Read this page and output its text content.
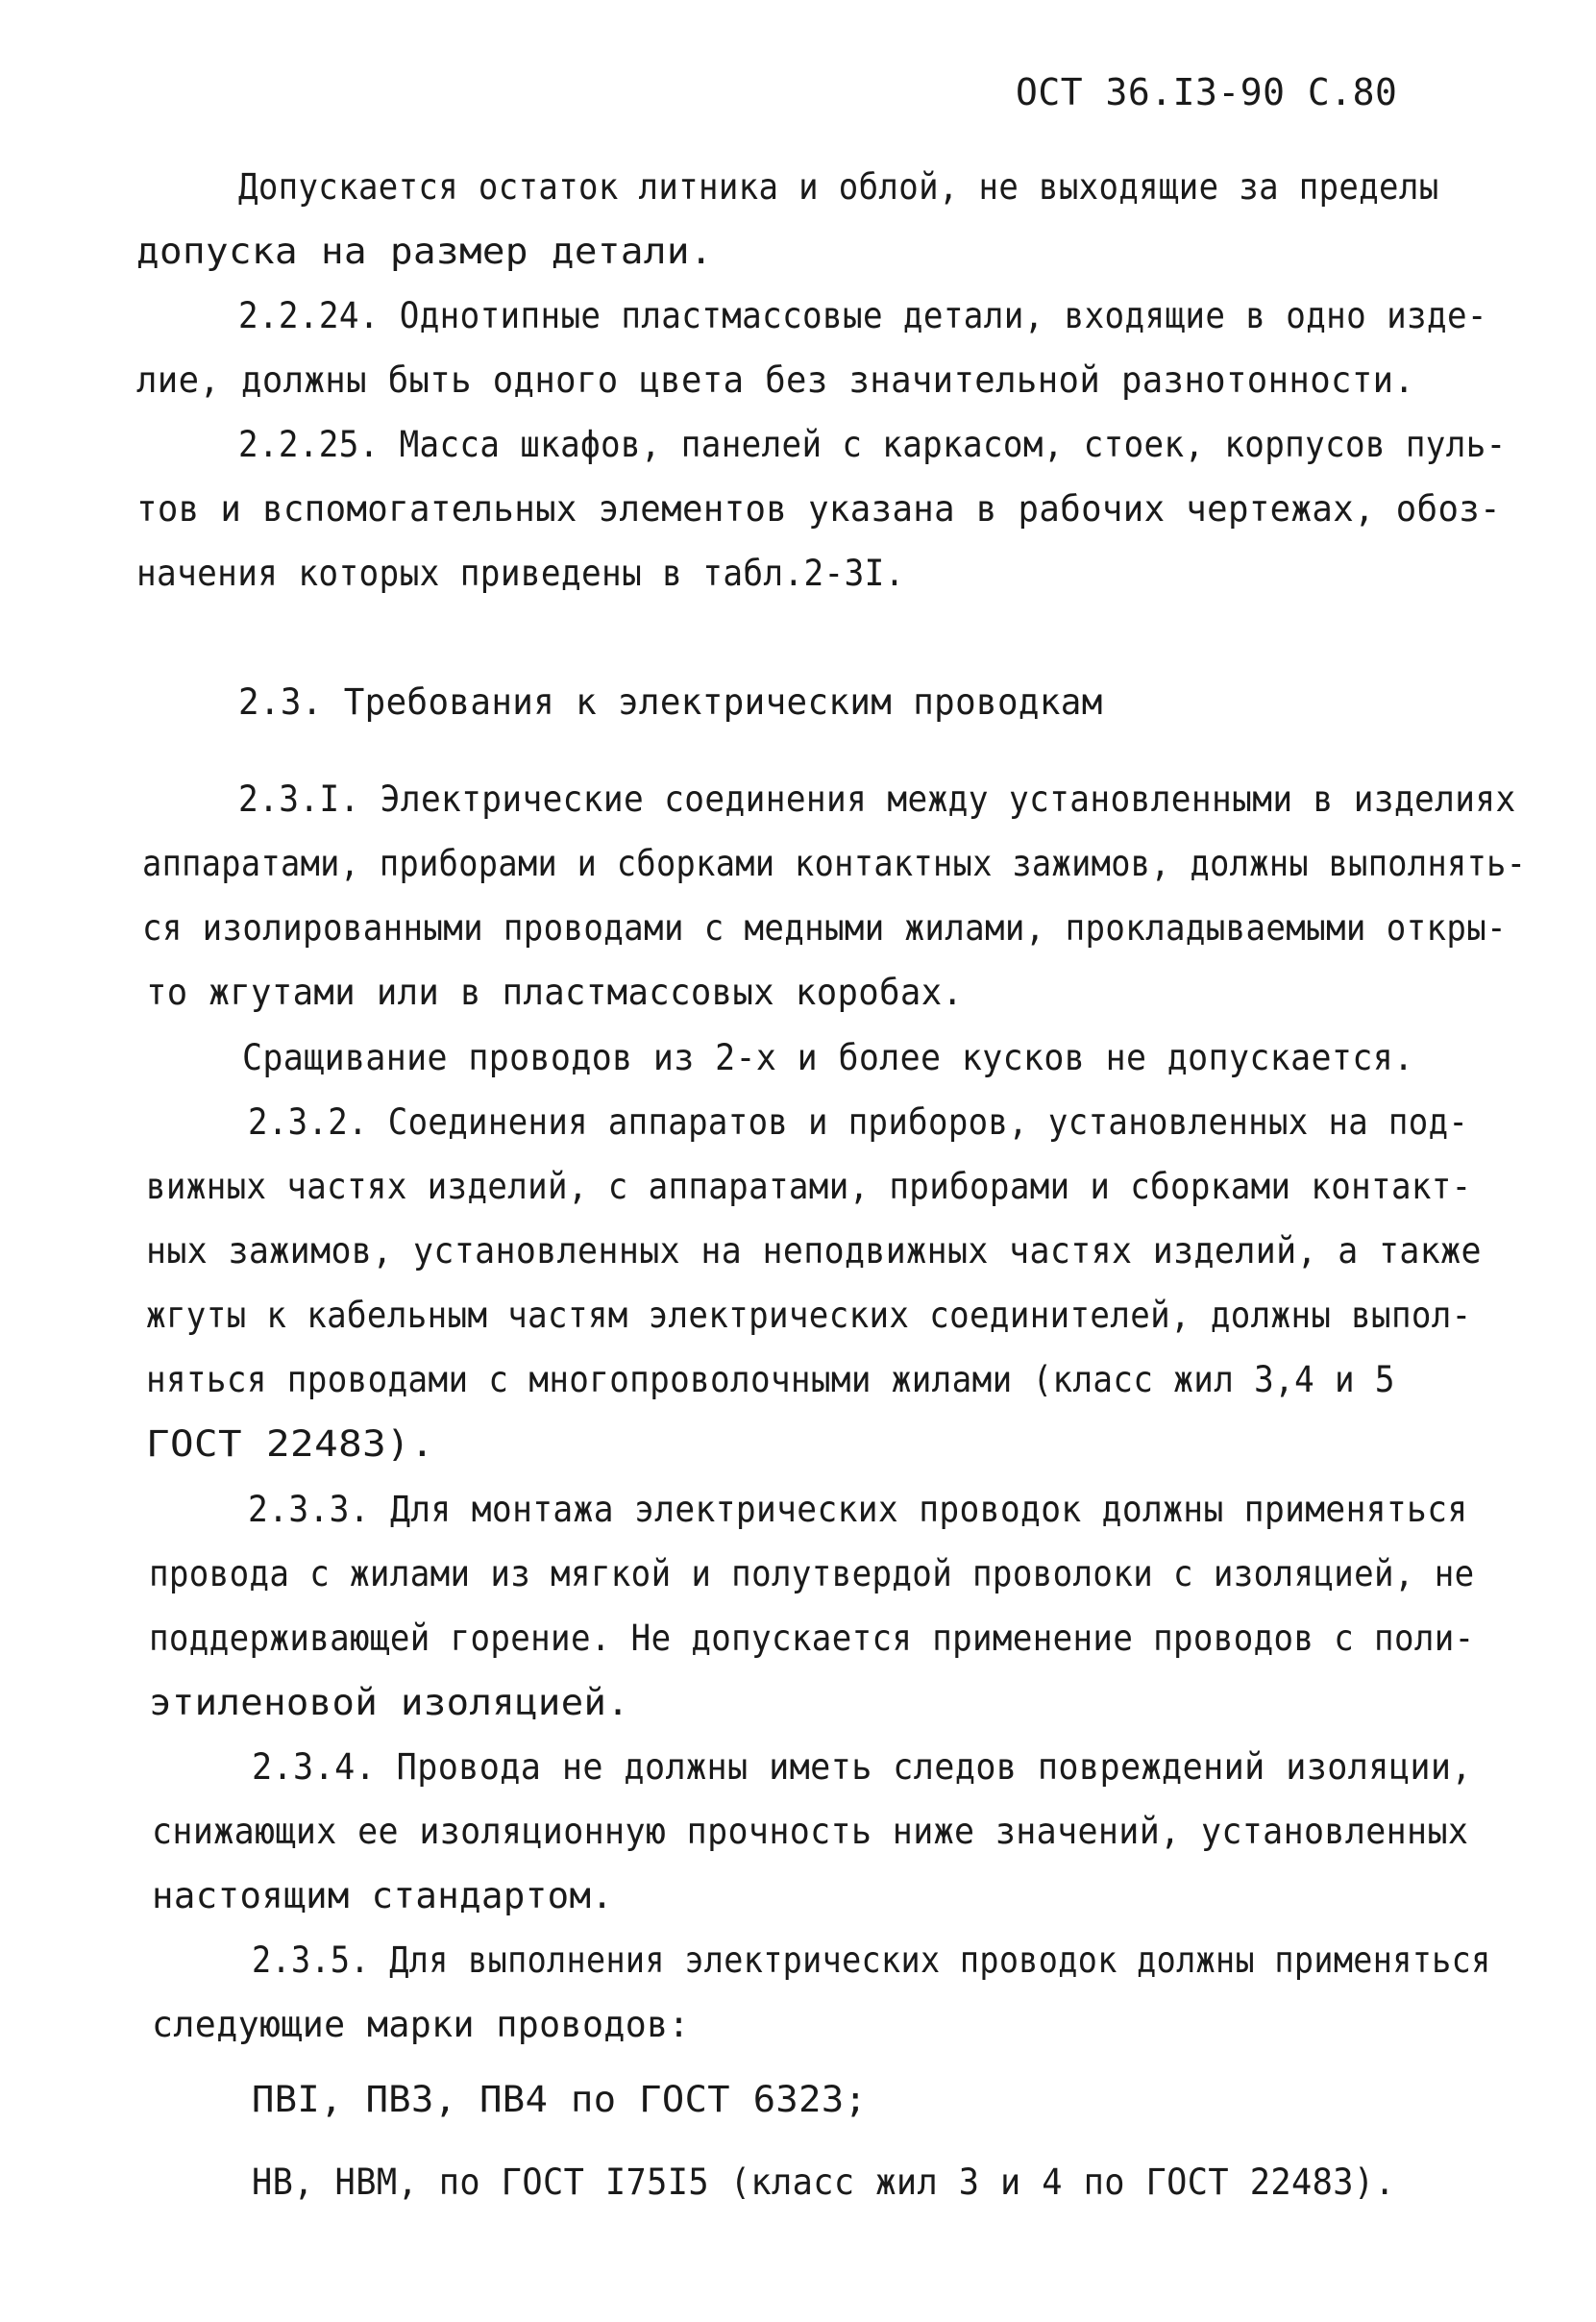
ОСТ 36.I3-90 С.80
Допускается остаток литника и облой, не выходящие за пределы
допуска на размер детали.
2.2.24. Однотипные пластмассовые детали, входящие в одно изде-
лие, должны быть одного цвета без значительной разнотонности.
2.2.25. Масса шкафов, панелей с каркасом, стоек, корпусов пуль-
тов и вспомогательных элементов указана в рабочих чертежах, обоз-
начения которых приведены в табл.2-3I.
2.3. Требования к электрическим проводкам
2.3.I. Электрические соединения между установленными в изделиях
аппаратами, приборами и сборками контактных зажимов, должны выполнять-
ся изолированными проводами с медными жилами, прокладываемыми откры-
то жгутами или в пластмассовых коробах.
Сращивание проводов из 2-х и более кусков не допускается.
2.3.2. Соединения аппаратов и приборов, установленных на под-
вижных частях изделий, с аппаратами, приборами и сборками контакт-
ных зажимов, установленных на неподвижных частях изделий, а также
жгуты к кабельным частям электрических соединителей, должны выпол-
няться проводами с многопроволочными жилами (класс жил 3,4 и 5
ГОСТ 22483).
2.3.3. Для монтажа электрических проводок должны применяться
провода с жилами из мягкой и полутвердой проволоки с изоляцией, не
поддерживающей горение. Не допускается применение проводов с поли-
этиленовой изоляцией.
2.3.4. Провода не должны иметь следов повреждений изоляции,
снижающих ее изоляционную прочность ниже значений, установленных
настоящим стандартом.
2.3.5. Для выполнения электрических проводок должны применяться
следующие марки проводов:
ПВI, ПВ3, ПВ4 по ГОСТ 6323;
НВ, НВМ, по ГОСТ I75I5 (класс жил 3 и 4 по ГОСТ 22483).
